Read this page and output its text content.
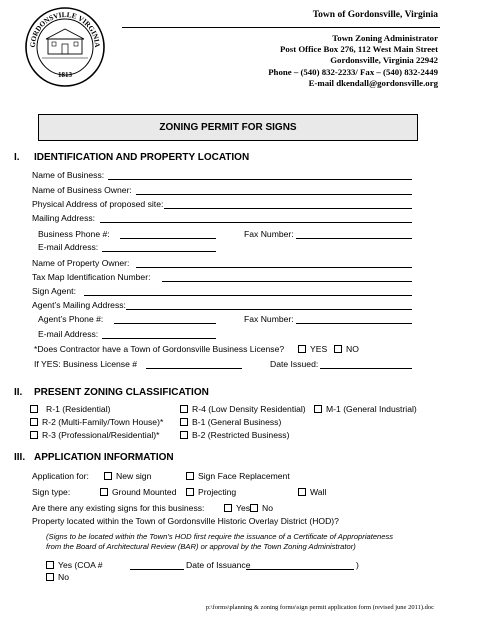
GORDONSVILLE VIRGINIA
1813
Town of Gordonsville, Virginia
Town Zoning Administrator
Post Office Box 276, 112 West Main Street
Gordonsville, Virginia 22942
Phone – (540) 832-2233/ Fax – (540) 832-2449
E-mail dkendall@gordonsville.org
ZONING PERMIT FOR SIGNS
I. IDENTIFICATION AND PROPERTY LOCATION
Name of Business:
Name of Business Owner:
Physical Address of proposed site:
Mailing Address:
Business Phone #:	Fax Number:
E-mail Address:
Name of Property Owner:
Tax Map Identification Number:
Sign Agent:
Agent’s Mailing Address:
Agent’s Phone #:	Fax Number:
E-mail Address:
*Does Contractor have a Town of Gordonsville Business License?	YES	NO
If YES: Business License #	Date Issued:
II. PRESENT ZONING CLASSIFICATION
R-1 (Residential)	R-4 (Low Density Residential)	M-1 (General Industrial)
R-2 (Multi-Family/Town House)*	B-1 (General Business)
R-3 (Professional/Residential)*	B-2 (Restricted Business)
III. APPLICATION INFORMATION
Application for:	New sign	Sign Face Replacement
Sign type:	Ground Mounted	Projecting	Wall
Are there any existing signs for this business:	Yes	No
Property located within the Town of Gordonsville Historic Overlay District (HOD)?
(Signs to be located within the Town’s HOD first require the issuance of a Certificate of Appropriateness
from the Board of Architectural Review (BAR) or approval by the Town Zoning Administrator)
Yes (COA #	Date of Issuance	)
No
p:\forms\planning & zoning forms\sign permit application form (revised june 2011).doc
